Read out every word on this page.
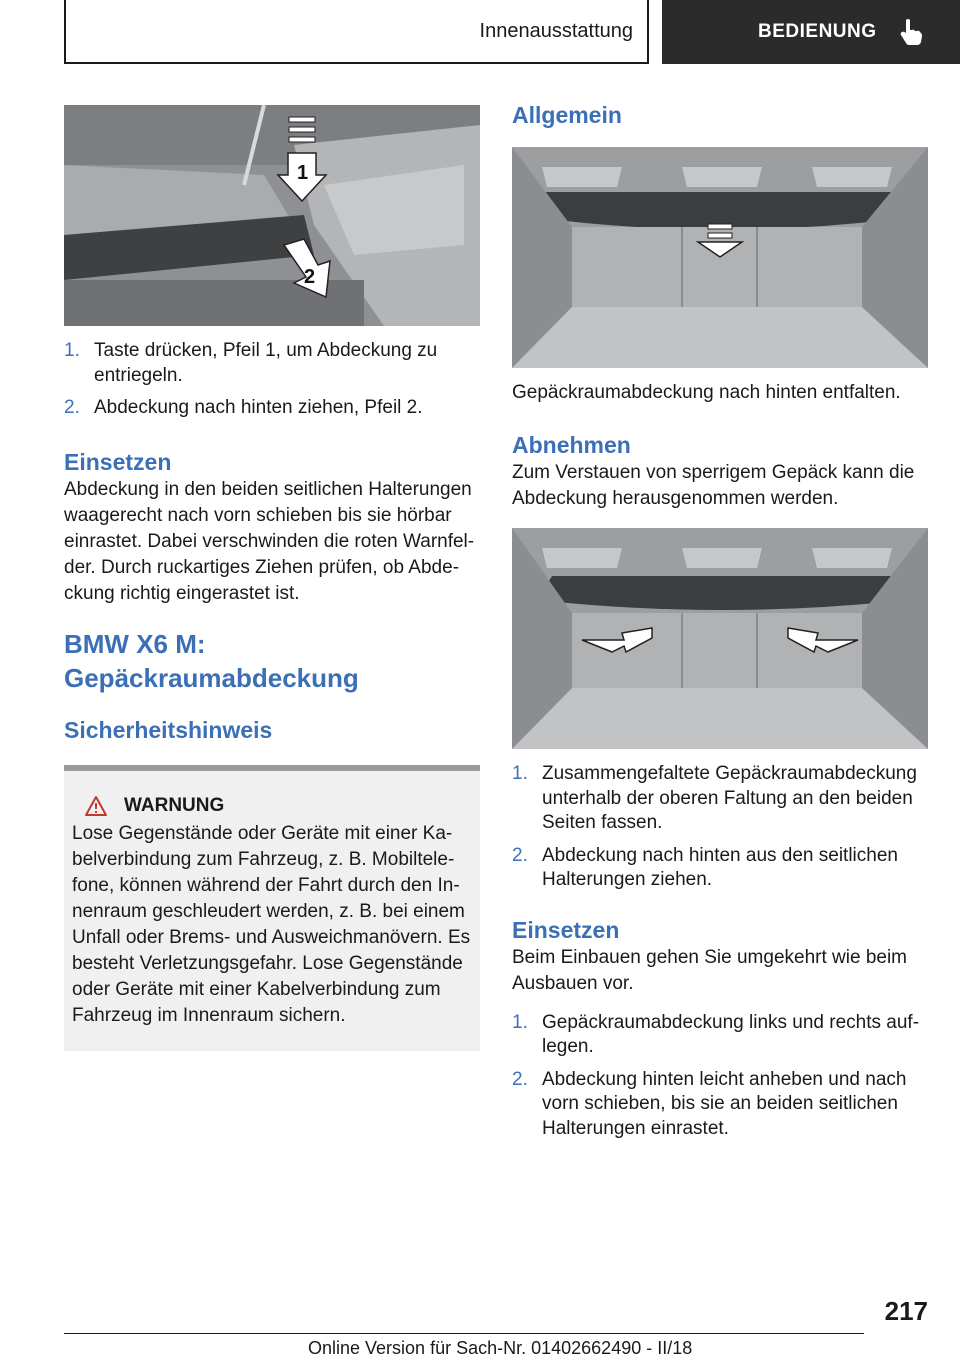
Innenausstattung	BEDIENUNG
1
2
1. Taste drücken, Pfeil 1, um Abdeckung zu entriegeln.
2. Abdeckung nach hinten ziehen, Pfeil 2.
Einsetzen

Abdeckung in den beiden seitlichen Halterungen waagerecht nach vorn schieben bis sie hörbar einrastet. Dabei verschwinden die roten Warnfelder. Durch ruckartiges Ziehen prüfen, ob Abdeckung richtig eingerastet ist.

BMW X6 M: Gepäckraumabdeckung
Sicherheitshinweis
WARNUNG

Lose Gegenstände oder Geräte mit einer Kabelverbindung zum Fahrzeug, z. B. Mobiltelefone, können während der Fahrt durch den Innenraum geschleudert werden, z. B. bei einem Unfall oder Brems- und Ausweichmanövern. Es besteht Verletzungsgefahr. Lose Gegenstände oder Geräte mit einer Kabelverbindung zum Fahrzeug im Innenraum sichern.

Allgemein

Gepäckraumabdeckung nach hinten entfalten.

Abnehmen

Zum Verstauen von sperrigem Gepäck kann die Abdeckung herausgenommen werden.

1. Zusammengefaltete Gepäckraumabdeckung unterhalb der oberen Faltung an den beiden Seiten fassen.
2. Abdeckung nach hinten aus den seitlichen Halterungen ziehen.
Einsetzen

Beim Einbauen gehen Sie umgekehrt wie beim Ausbauen vor.

1. Gepäckraumabdeckung links und rechts auflegen.
2. Abdeckung hinten leicht anheben und nach vorn schieben, bis sie an beiden seitlichen Halterungen einrastet.
217
Online Version für Sach-Nr. 01402662490 - II/18
